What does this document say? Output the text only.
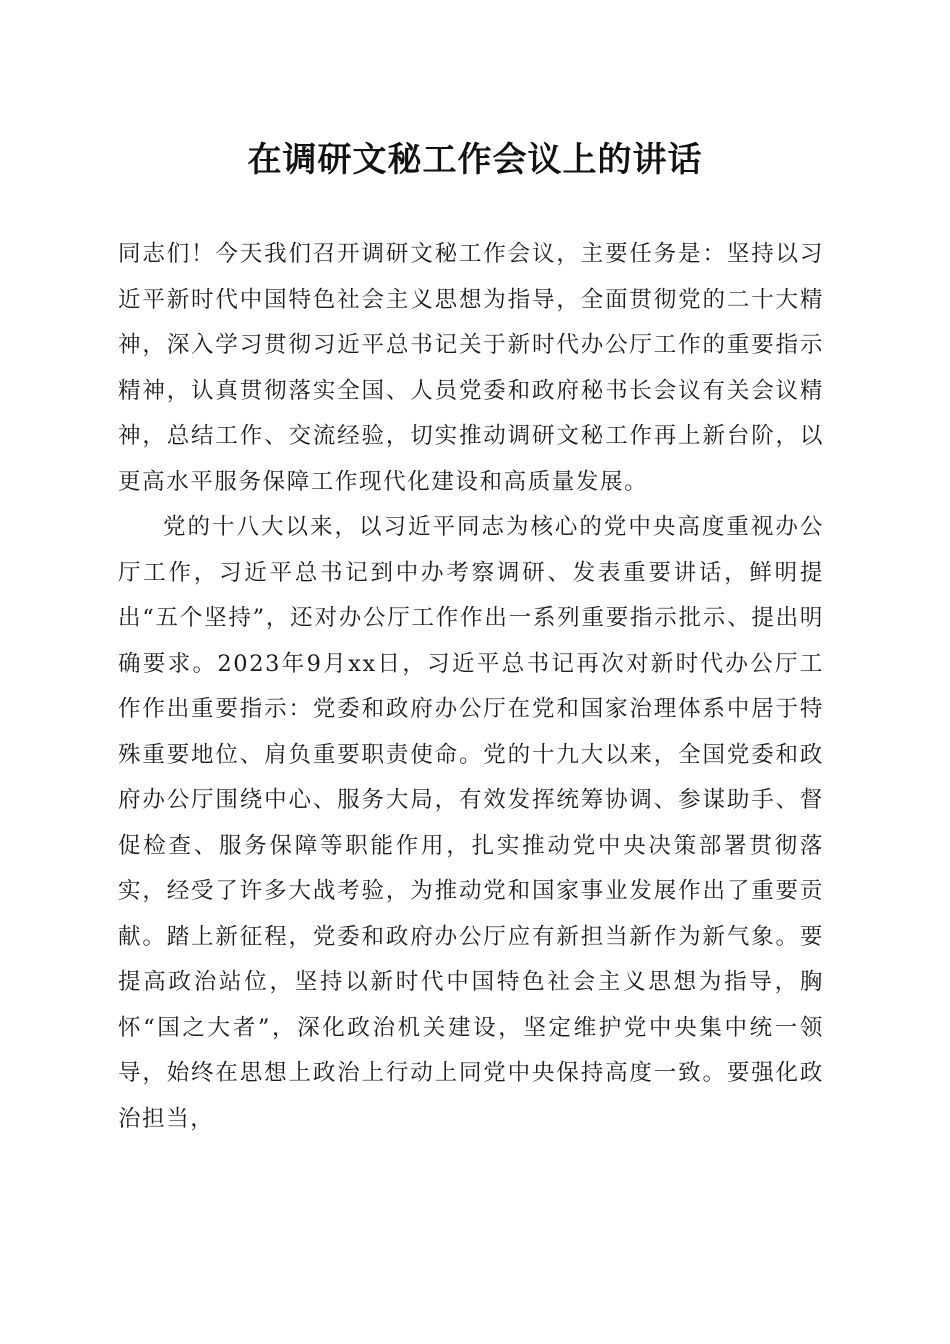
在调研文秘工作会议上的讲话

同志们！今天我们召开调研文秘工作会议，主要任务是：坚持以习近平新时代中国特色社会主义思想为指导，全面贯彻党的二十大精神，深入学习贯彻习近平总书记关于新时代办公厅工作的重要指示精神，认真贯彻落实全国、人员党委和政府秘书长会议有关会议精神，总结工作、交流经验，切实推动调研文秘工作再上新台阶，以更高水平服务保障工作现代化建设和高质量发展。

党的十八大以来，以习近平同志为核心的党中央高度重视办公厅工作，习近平总书记到中办考察调研、发表重要讲话，鲜明提出“五个坚持”，还对办公厅工作作出一系列重要指示批示、提出明确要求。2023年9月xx日，习近平总书记再次对新时代办公厅工作作出重要指示：党委和政府办公厅在党和国家治理体系中居于特殊重要地位、肩负重要职责使命。党的十九大以来，全国党委和政府办公厅围绕中心、服务大局，有效发挥统筹协调、参谋助手、督促检查、服务保障等职能作用，扎实推动党中央决策部署贯彻落实，经受了许多大战考验，为推动党和国家事业发展作出了重要贡献。踏上新征程，党委和政府办公厅应有新担当新作为新气象。要提高政治站位，坚持以新时代中国特色社会主义思想为指导，胸怀“国之大者”，深化政治机关建设，坚定维护党中央集中统一领导，始终在思想上政治上行动上同党中央保持高度一致。要强化政治担当，
